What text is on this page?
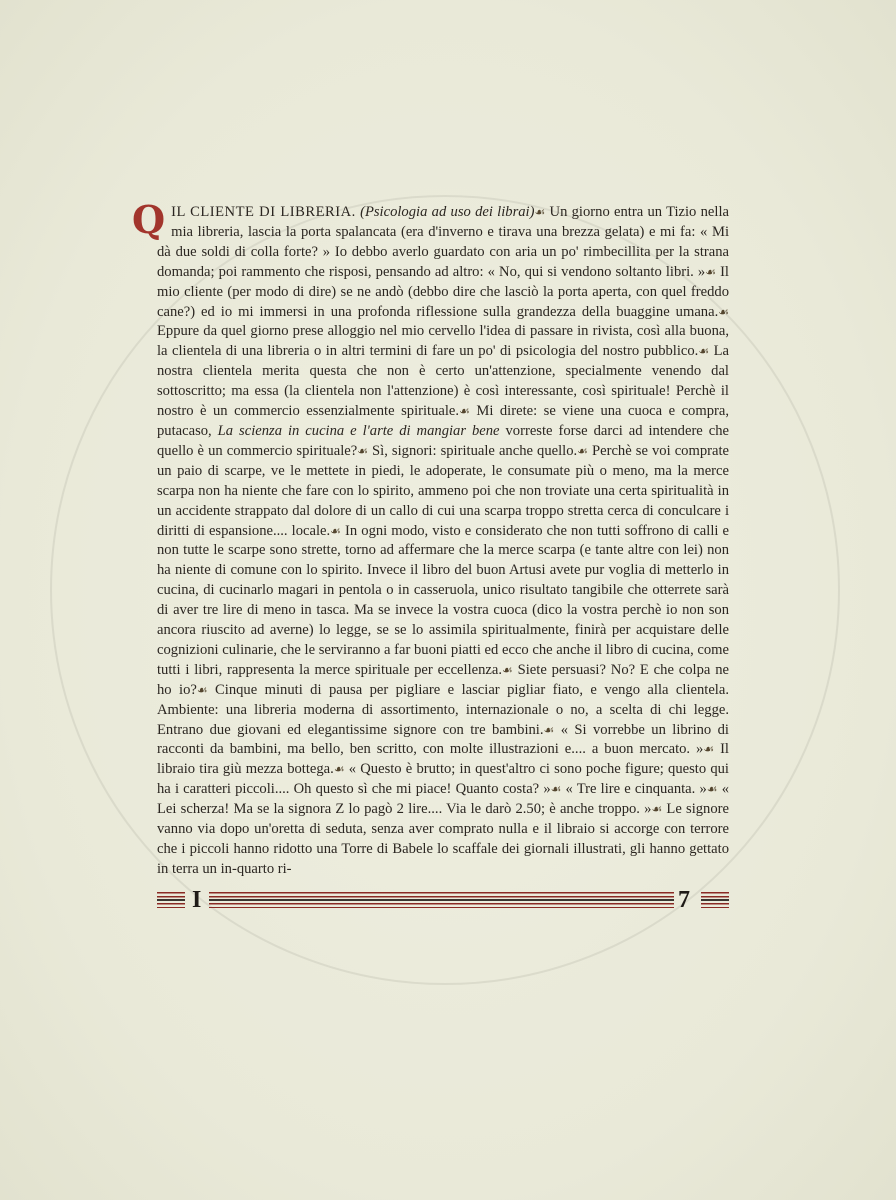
QIL CLIENTE DI LIBRERIA. (Psicologia ad uso dei librai)☙ Un giorno entra un Tizio nella mia libreria, lascia la porta spalancata (era d'inverno e tirava una brezza gelata) e mi fa: « Mi dà due soldi di colla forte? » Io debbo averlo guardato con aria un po' rimbecillita per la strana domanda; poi rammento che risposi, pensando ad altro: « No, qui si vendono soltanto libri. »☙ Il mio cliente (per modo di dire) se ne andò (debbo dire che lasciò la porta aperta, con quel freddo cane?) ed io mi immersi in una profonda riflessione sulla grandezza della buaggine umana.☙ Eppure da quel giorno prese alloggio nel mio cervello l'idea di passare in rivista, così alla buona, la clientela di una libreria o in altri termini di fare un po' di psicologia del nostro pubblico.☙ La nostra clientela merita questa che non è certo un'attenzione, specialmente venendo dal sottoscritto; ma essa (la clientela non l'attenzione) è così interessante, così spirituale! Perchè il nostro è un commercio essenzialmente spirituale.☙ Mi direte: se viene una cuoca e compra, putacaso, La scienza in cucina e l'arte di mangiar bene vorreste forse darci ad intendere che quello è un commercio spirituale?☙ Sì, signori: spirituale anche quello.☙ Perchè se voi comprate un paio di scarpe, ve le mettete in piedi, le adoperate, le consumate più o meno, ma la merce scarpa non ha niente che fare con lo spirito, ammeno poi che non troviate una certa spiritualità in un accidente strappato dal dolore di un callo di cui una scarpa troppo stretta cerca di conculcare i diritti di espansione.... locale.☙ In ogni modo, visto e considerato che non tutti soffrono di calli e non tutte le scarpe sono strette, torno ad affermare che la merce scarpa (e tante altre con lei) non ha niente di comune con lo spirito. Invece il libro del buon Artusi avete pur voglia di metterlo in cucina, di cucinarlo magari in pentola o in casseruola, unico risultato tangibile che otterrete sarà di aver tre lire di meno in tasca. Ma se invece la vostra cuoca (dico la vostra perchè io non son ancora riuscito ad averne) lo legge, se se lo assimila spiritualmente, finirà per acquistare delle cognizioni culinarie, che le serviranno a far buoni piatti ed ecco che anche il libro di cucina, come tutti i libri, rappresenta la merce spirituale per eccellenza.☙ Siete persuasi? No? E che colpa ne ho io?☙ Cinque minuti di pausa per pigliare e lasciar pigliar fiato, e vengo alla clientela. Ambiente: una libreria moderna di assortimento, internazionale o no, a scelta di chi legge. Entrano due giovani ed elegantissime signore con tre bambini.☙ « Si vorrebbe un librino di racconti da bambini, ma bello, ben scritto, con molte illustrazioni e.... a buon mercato. »☙ Il libraio tira giù mezza bottega.☙ « Questo è brutto; in quest'altro ci sono poche figure; questo qui ha i caratteri piccoli.... Oh questo sì che mi piace! Quanto costa? »☙ « Tre lire e cinquanta. »☙ « Lei scherza! Ma se la signora Z lo pagò 2 lire.... Via le darò 2.50; è anche troppo. »☙ Le signore vanno via dopo un'oretta di seduta, senza aver comprato nulla e il libraio si accorge con terrore che i piccoli hanno ridotto una Torre di Babele lo scaffale dei giornali illustrati, gli hanno gettato in terra un in-quarto ri-

I	7
